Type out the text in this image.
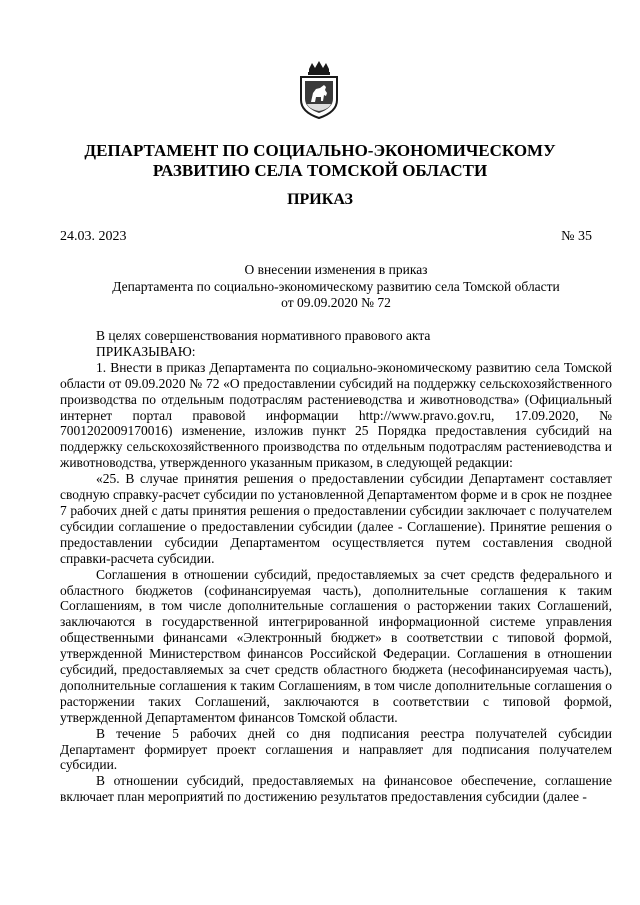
ДЕПАРТАМЕНТ ПО СОЦИАЛЬНО-ЭКОНОМИЧЕСКОМУ
РАЗВИТИЮ СЕЛА ТОМСКОЙ ОБЛАСТИ
ПРИКАЗ
24.03. 2023	№ 35
О внесении изменения в приказ
Департамента по социально-экономическому развитию села Томской области
от 09.09.2020 № 72

В целях совершенствования нормативного правового акта

ПРИКАЗЫВАЮ:

1. Внести в приказ Департамента по социально-экономическому развитию села Томской области от 09.09.2020 № 72 «О предоставлении субсидий на поддержку сельскохозяйственного производства по отдельным подотраслям растениеводства и животноводства» (Официальный интернет портал правовой информации http://www.pravo.gov.ru, 17.09.2020, № 7001202009170016) изменение, изложив пункт 25 Порядка предоставления субсидий на поддержку сельскохозяйственного производства по отдельным подотраслям растениеводства и животноводства, утвержденного указанным приказом, в следующей редакции:

«25. В случае принятия решения о предоставлении субсидии Департамент составляет сводную справку-расчет субсидии по установленной Департаментом форме и в срок не позднее 7 рабочих дней с даты принятия решения о предоставлении субсидии заключает с получателем субсидии соглашение о предоставлении субсидии (далее - Соглашение). Принятие решения о предоставлении субсидии Департаментом осуществляется путем составления сводной справки-расчета субсидии.

Соглашения в отношении субсидий, предоставляемых за счет средств федерального и областного бюджетов (софинансируемая часть), дополнительные соглашения к таким Соглашениям, в том числе дополнительные соглашения о расторжении таких Соглашений, заключаются в государственной интегрированной информационной системе управления общественными финансами «Электронный бюджет» в соответствии с типовой формой, утвержденной Министерством финансов Российской Федерации. Соглашения в отношении субсидий, предоставляемых за счет средств областного бюджета (несофинансируемая часть), дополнительные соглашения к таким Соглашениям, в том числе дополнительные соглашения о расторжении таких Соглашений, заключаются в соответствии с типовой формой, утвержденной Департаментом финансов Томской области.

В течение 5 рабочих дней со дня подписания реестра получателей субсидии Департамент формирует проект соглашения и направляет для подписания получателем субсидии.

В отношении субсидий, предоставляемых на финансовое обеспечение, соглашение включает план мероприятий по достижению результатов предоставления субсидии (далее -
